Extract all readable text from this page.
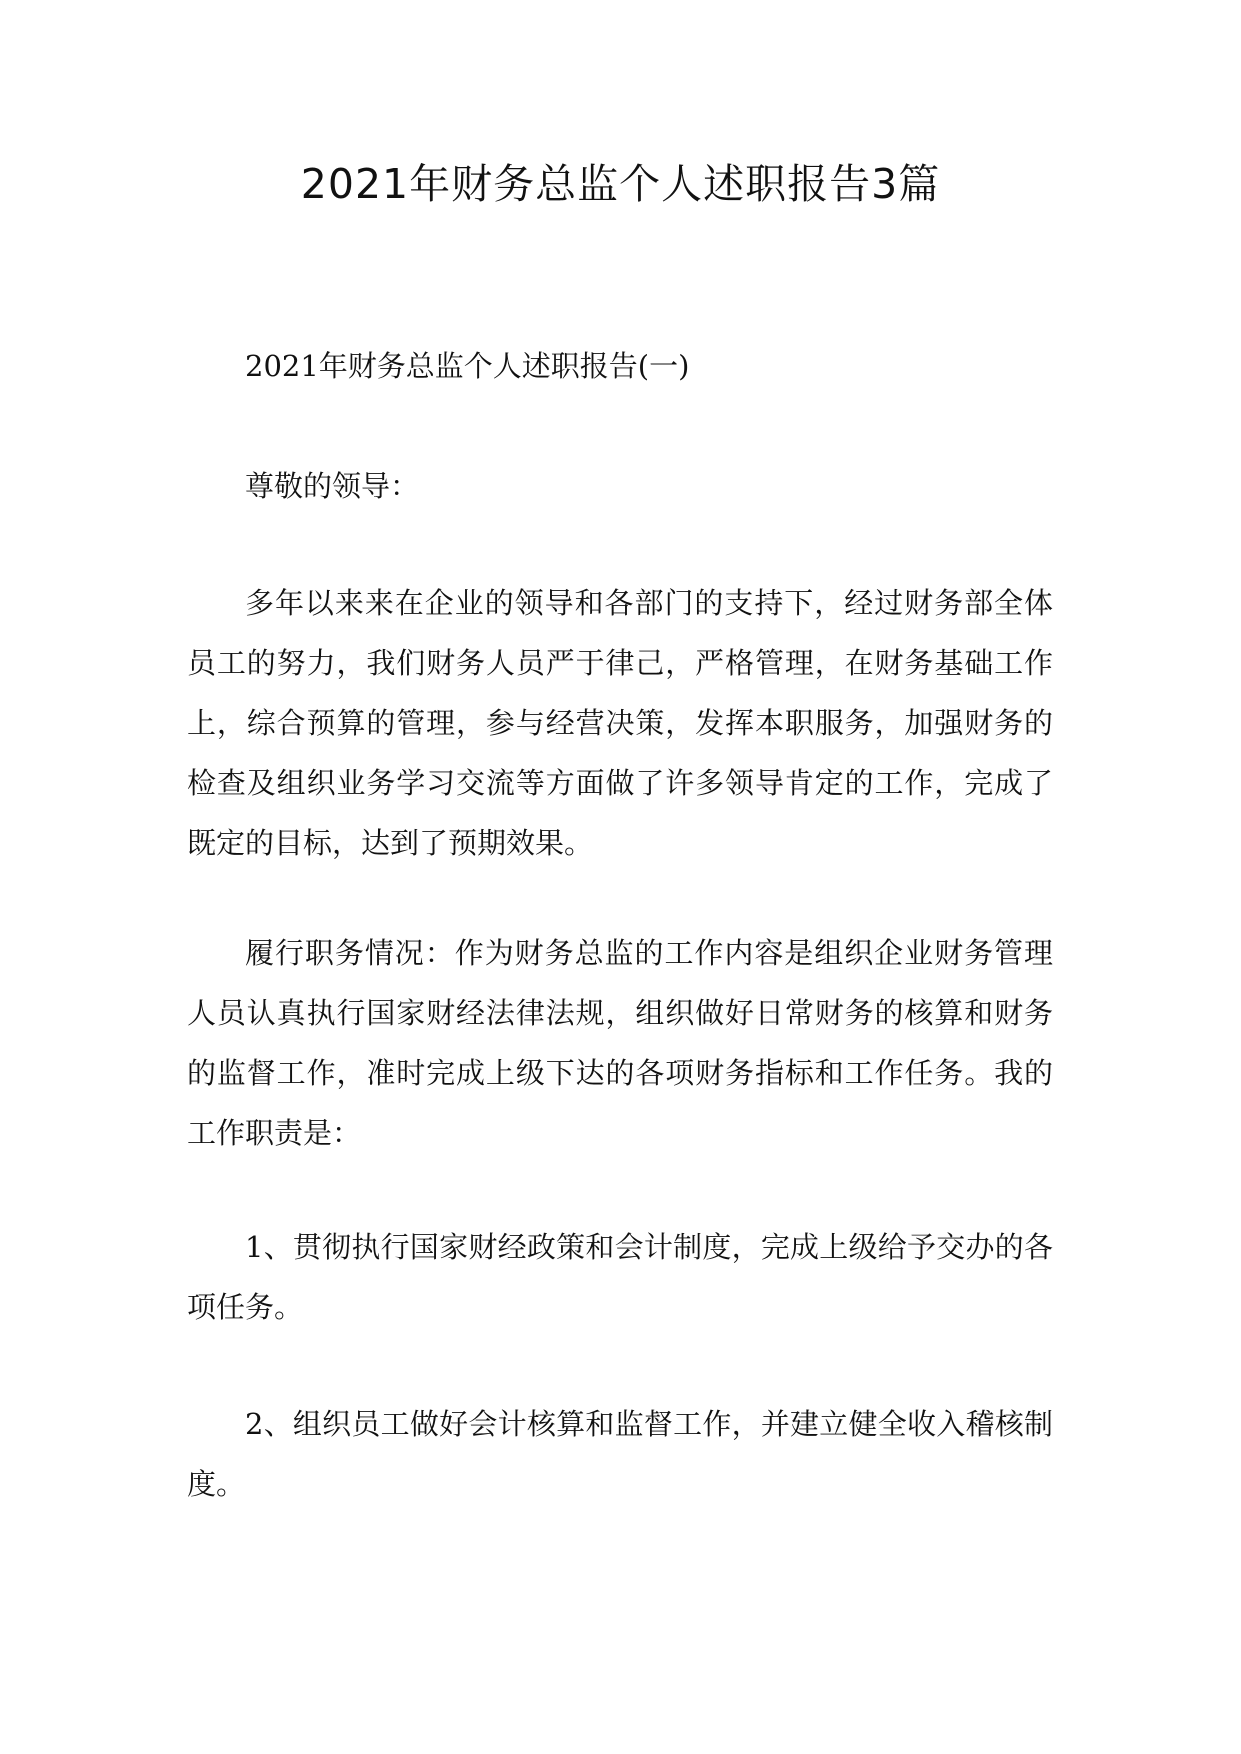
2021年财务总监个人述职报告3篇

2021年财务总监个人述职报告(一)

尊敬的领导：

多年以来来在企业的领导和各部门的支持下，经过财务部全体员工的努力，我们财务人员严于律己，严格管理，在财务基础工作上，综合预算的管理，参与经营决策，发挥本职服务，加强财务的检查及组织业务学习交流等方面做了许多领导肯定的工作，完成了既定的目标，达到了预期效果。

履行职务情况：作为财务总监的工作内容是组织企业财务管理人员认真执行国家财经法律法规，组织做好日常财务的核算和财务的监督工作，准时完成上级下达的各项财务指标和工作任务。我的工作职责是：

1、贯彻执行国家财经政策和会计制度，完成上级给予交办的各项任务。

2、组织员工做好会计核算和监督工作，并建立健全收入稽核制度。
